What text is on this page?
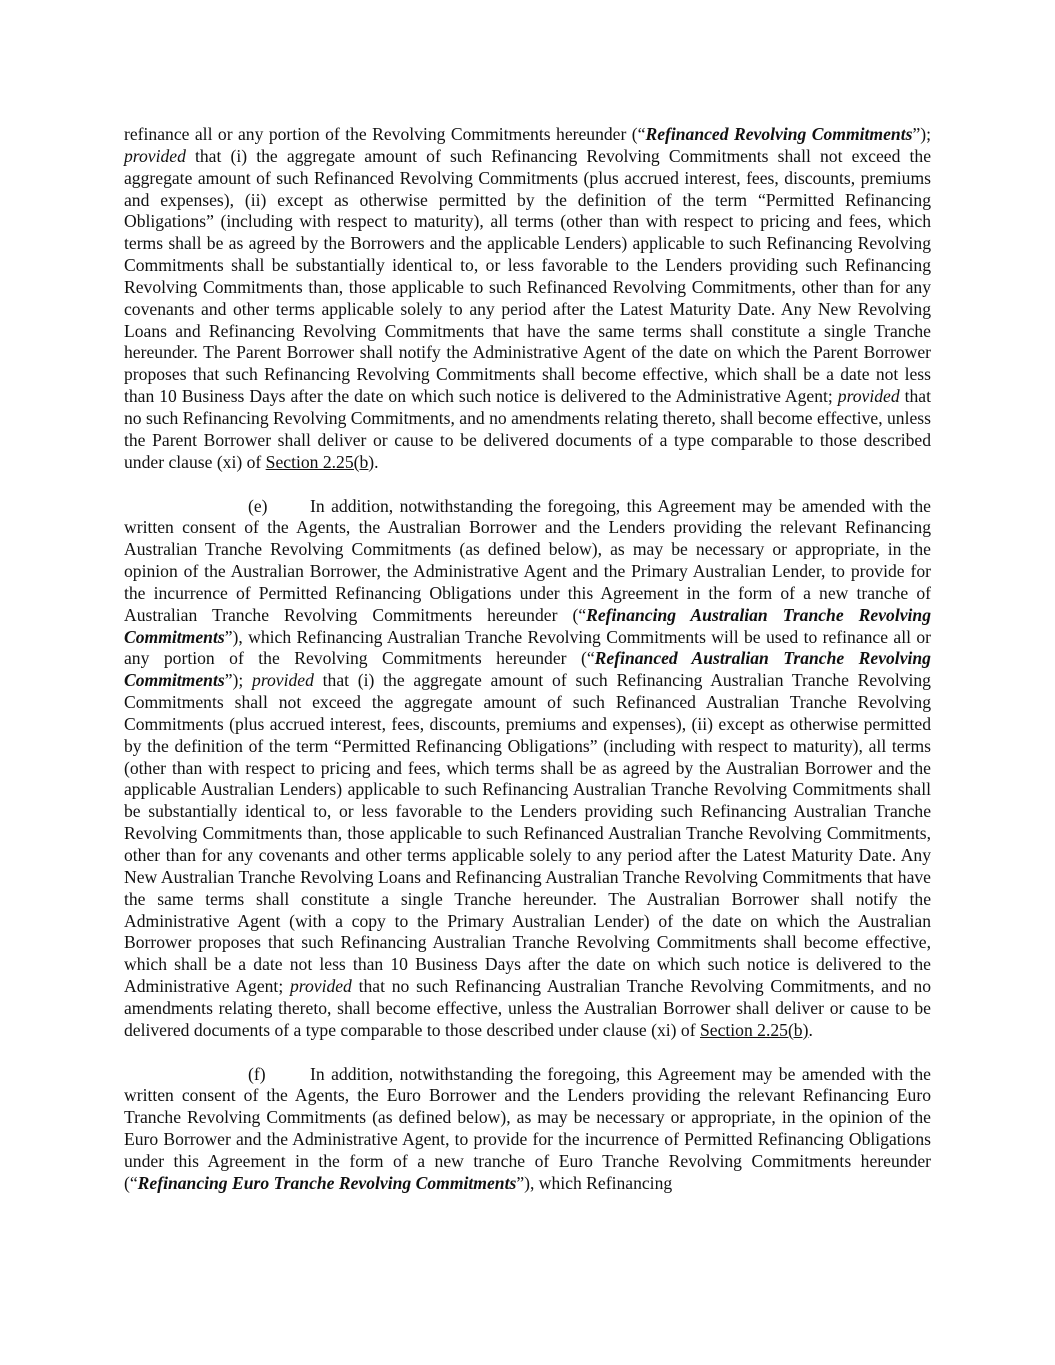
refinance all or any portion of the Revolving Commitments hereunder (“Refinanced Revolving Commitments”); provided that (i) the aggregate amount of such Refinancing Revolving Commitments shall not exceed the aggregate amount of such Refinanced Revolving Commitments (plus accrued interest, fees, discounts, premiums and expenses), (ii) except as otherwise permitted by the definition of the term “Permitted Refinancing Obligations” (including with respect to maturity), all terms (other than with respect to pricing and fees, which terms shall be as agreed by the Borrowers and the applicable Lenders) applicable to such Refinancing Revolving Commitments shall be substantially identical to, or less favorable to the Lenders providing such Refinancing Revolving Commitments than, those applicable to such Refinanced Revolving Commitments, other than for any covenants and other terms applicable solely to any period after the Latest Maturity Date. Any New Revolving Loans and Refinancing Revolving Commitments that have the same terms shall constitute a single Tranche hereunder. The Parent Borrower shall notify the Administrative Agent of the date on which the Parent Borrower proposes that such Refinancing Revolving Commitments shall become effective, which shall be a date not less than 10 Business Days after the date on which such notice is delivered to the Administrative Agent; provided that no such Refinancing Revolving Commitments, and no amendments relating thereto, shall become effective, unless the Parent Borrower shall deliver or cause to be delivered documents of a type comparable to those described under clause (xi) of Section 2.25(b).

(e) In addition, notwithstanding the foregoing, this Agreement may be amended with the written consent of the Agents, the Australian Borrower and the Lenders providing the relevant Refinancing Australian Tranche Revolving Commitments (as defined below), as may be necessary or appropriate, in the opinion of the Australian Borrower, the Administrative Agent and the Primary Australian Lender, to provide for the incurrence of Permitted Refinancing Obligations under this Agreement in the form of a new tranche of Australian Tranche Revolving Commitments hereunder (“Refinancing Australian Tranche Revolving Commitments”), which Refinancing Australian Tranche Revolving Commitments will be used to refinance all or any portion of the Revolving Commitments hereunder (“Refinanced Australian Tranche Revolving Commitments”); provided that (i) the aggregate amount of such Refinancing Australian Tranche Revolving Commitments shall not exceed the aggregate amount of such Refinanced Australian Tranche Revolving Commitments (plus accrued interest, fees, discounts, premiums and expenses), (ii) except as otherwise permitted by the definition of the term “Permitted Refinancing Obligations” (including with respect to maturity), all terms (other than with respect to pricing and fees, which terms shall be as agreed by the Australian Borrower and the applicable Australian Lenders) applicable to such Refinancing Australian Tranche Revolving Commitments shall be substantially identical to, or less favorable to the Lenders providing such Refinancing Australian Tranche Revolving Commitments than, those applicable to such Refinanced Australian Tranche Revolving Commitments, other than for any covenants and other terms applicable solely to any period after the Latest Maturity Date. Any New Australian Tranche Revolving Loans and Refinancing Australian Tranche Revolving Commitments that have the same terms shall constitute a single Tranche hereunder. The Australian Borrower shall notify the Administrative Agent (with a copy to the Primary Australian Lender) of the date on which the Australian Borrower proposes that such Refinancing Australian Tranche Revolving Commitments shall become effective, which shall be a date not less than 10 Business Days after the date on which such notice is delivered to the Administrative Agent; provided that no such Refinancing Australian Tranche Revolving Commitments, and no amendments relating thereto, shall become effective, unless the Australian Borrower shall deliver or cause to be delivered documents of a type comparable to those described under clause (xi) of Section 2.25(b).

(f)	In addition, notwithstanding the foregoing, this Agreement may be amended with the written consent of the Agents, the Euro Borrower and the Lenders providing the relevant Refinancing Euro Tranche Revolving Commitments (as defined below), as may be necessary or appropriate, in the opinion of the Euro Borrower and the Administrative Agent, to provide for the incurrence of Permitted Refinancing Obligations under this Agreement in the form of a new tranche of Euro Tranche Revolving Commitments hereunder (“Refinancing Euro Tranche Revolving Commitments”), which Refinancing
